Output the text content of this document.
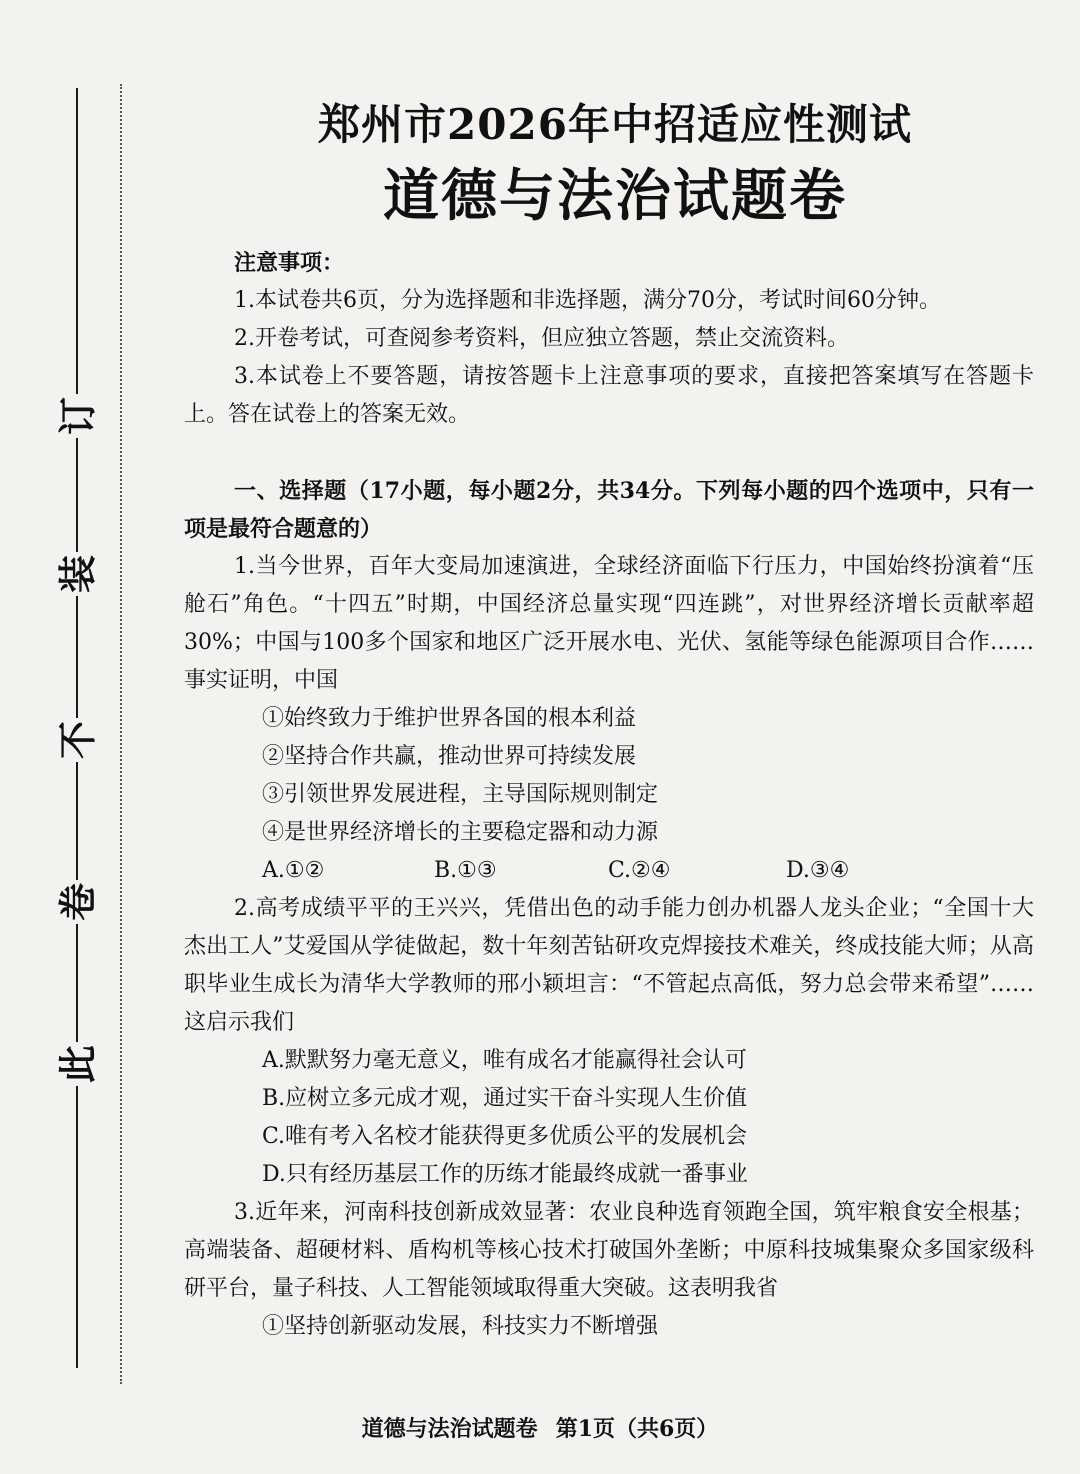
此
卷
不
装
订
郑州市2026年中招适应性测试
道德与法治试题卷
注意事项：
1.本试卷共6页，分为选择题和非选择题，满分70分，考试时间60分钟。
2.开卷考试，可查阅参考资料，但应独立答题，禁止交流资料。
3.本试卷上不要答题，请按答题卡上注意事项的要求，直接把答案填写在答题卡上。答在试卷上的答案无效。
一、选择题（17小题，每小题2分，共34分。下列每小题的四个选项中，只有一项是最符合题意的）
1.当今世界，百年大变局加速演进，全球经济面临下行压力，中国始终扮演着“压舱石”角色。“十四五”时期，中国经济总量实现“四连跳”，对世界经济增长贡献率超30%；中国与100多个国家和地区广泛开展水电、光伏、氢能等绿色能源项目合作……事实证明，中国
①始终致力于维护世界各国的根本利益
②坚持合作共赢，推动世界可持续发展
③引领世界发展进程，主导国际规则制定
④是世界经济增长的主要稳定器和动力源
A.①②	B.①③	C.②④	D.③④
2.高考成绩平平的王兴兴，凭借出色的动手能力创办机器人龙头企业；“全国十大杰出工人”艾爱国从学徒做起，数十年刻苦钻研攻克焊接技术难关，终成技能大师；从高职毕业生成长为清华大学教师的邢小颖坦言：“不管起点高低，努力总会带来希望”……这启示我们
A.默默努力毫无意义，唯有成名才能赢得社会认可
B.应树立多元成才观，通过实干奋斗实现人生价值
C.唯有考入名校才能获得更多优质公平的发展机会
D.只有经历基层工作的历练才能最终成就一番事业
3.近年来，河南科技创新成效显著：农业良种选育领跑全国，筑牢粮食安全根基；高端装备、超硬材料、盾构机等核心技术打破国外垄断；中原科技城集聚众多国家级科研平台，量子科技、人工智能领域取得重大突破。这表明我省
①坚持创新驱动发展，科技实力不断增强
道德与法治试题卷 第1页（共6页）
